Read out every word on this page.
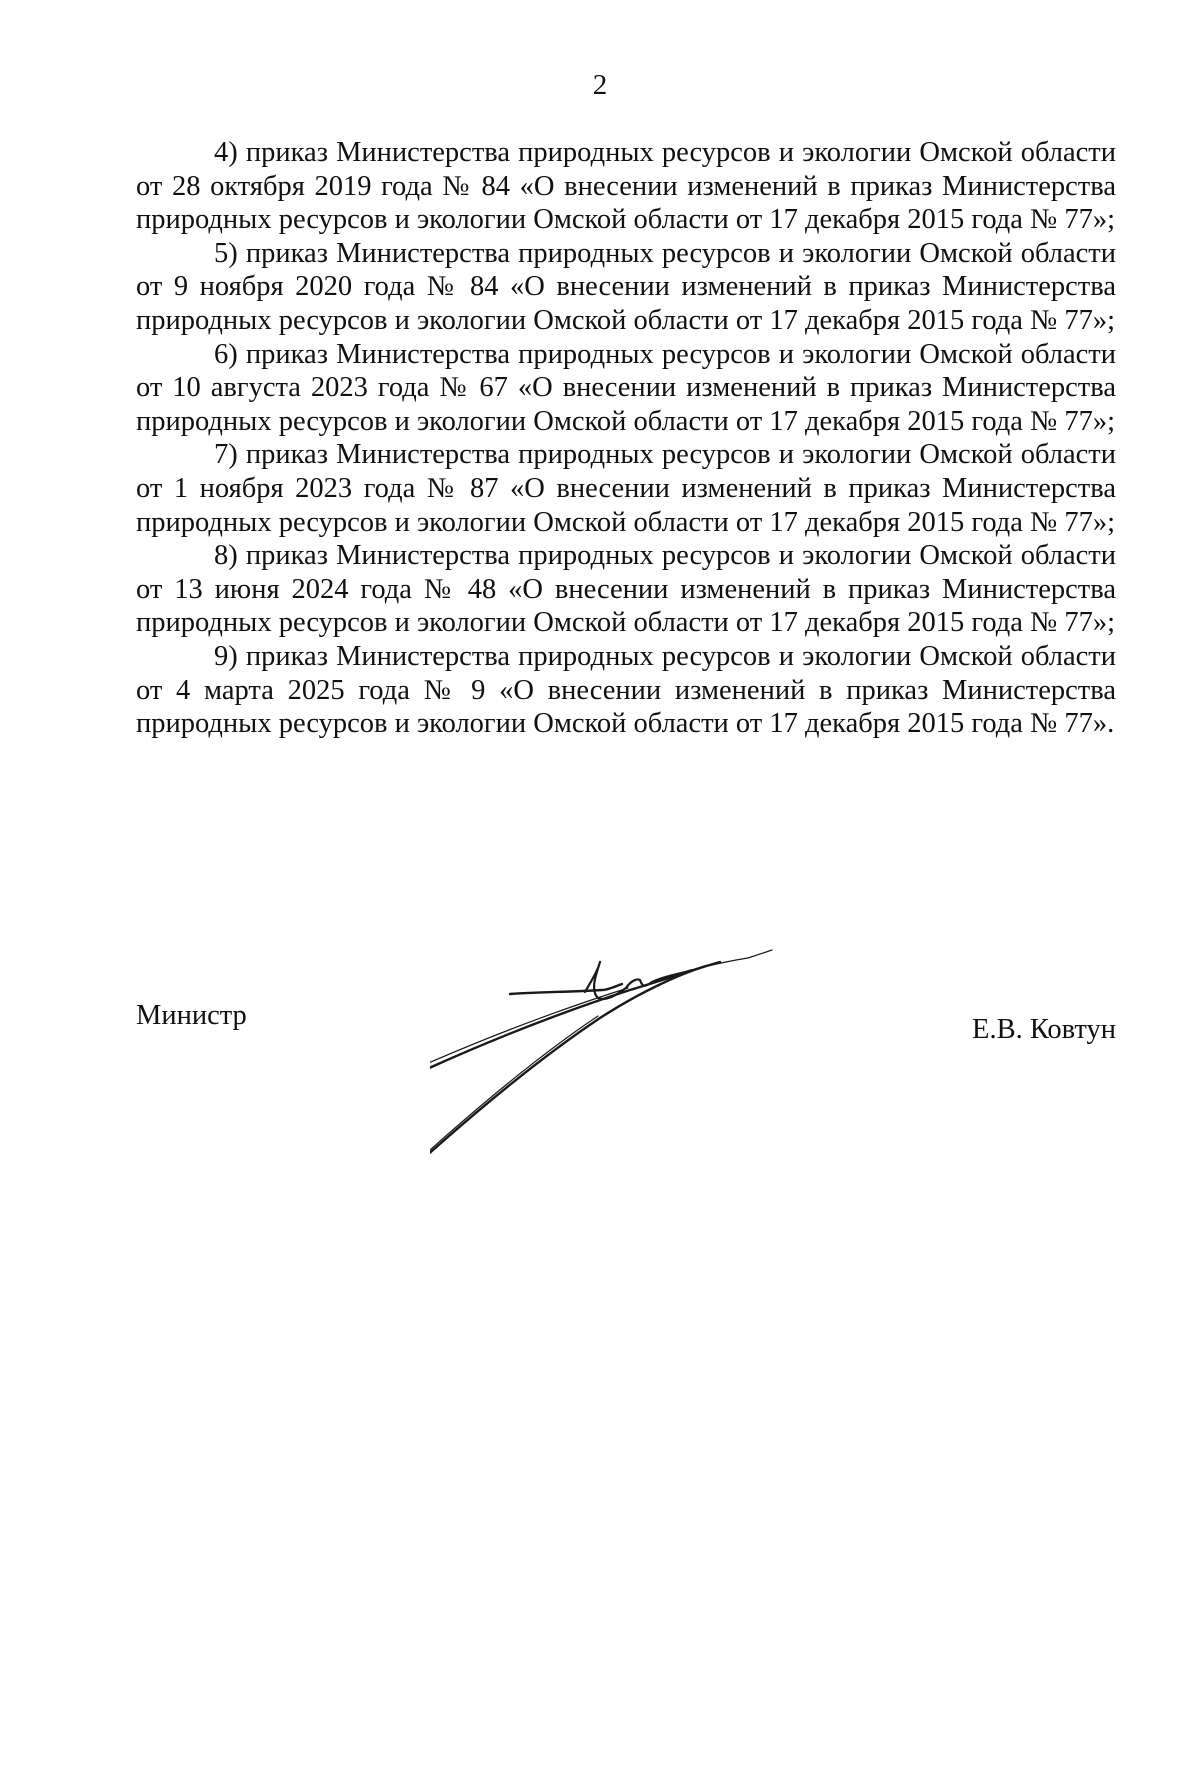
2

4) приказ Министерства природных ресурсов и экологии Омской области от 28 октября 2019 года № 84 «О внесении изменений в приказ Министерства природных ресурсов и экологии Омской области от 17 декабря 2015 года № 77»;

5) приказ Министерства природных ресурсов и экологии Омской области от 9 ноября 2020 года № 84 «О внесении изменений в приказ Министерства природных ресурсов и экологии Омской области от 17 декабря 2015 года № 77»;

6) приказ Министерства природных ресурсов и экологии Омской области от 10 августа 2023 года № 67 «О внесении изменений в приказ Министерства природных ресурсов и экологии Омской области от 17 декабря 2015 года № 77»;

7) приказ Министерства природных ресурсов и экологии Омской области от 1 ноября 2023 года № 87 «О внесении изменений в приказ Министерства природных ресурсов и экологии Омской области от 17 декабря 2015 года № 77»;

8) приказ Министерства природных ресурсов и экологии Омской области от 13 июня 2024 года № 48 «О внесении изменений в приказ Министерства природных ресурсов и экологии Омской области от 17 декабря 2015 года № 77»;

9) приказ Министерства природных ресурсов и экологии Омской области от 4 марта 2025 года № 9 «О внесении изменений в приказ Министерства природных ресурсов и экологии Омской области от 17 декабря 2015 года № 77».

Министр	Е.В. Ковтун
